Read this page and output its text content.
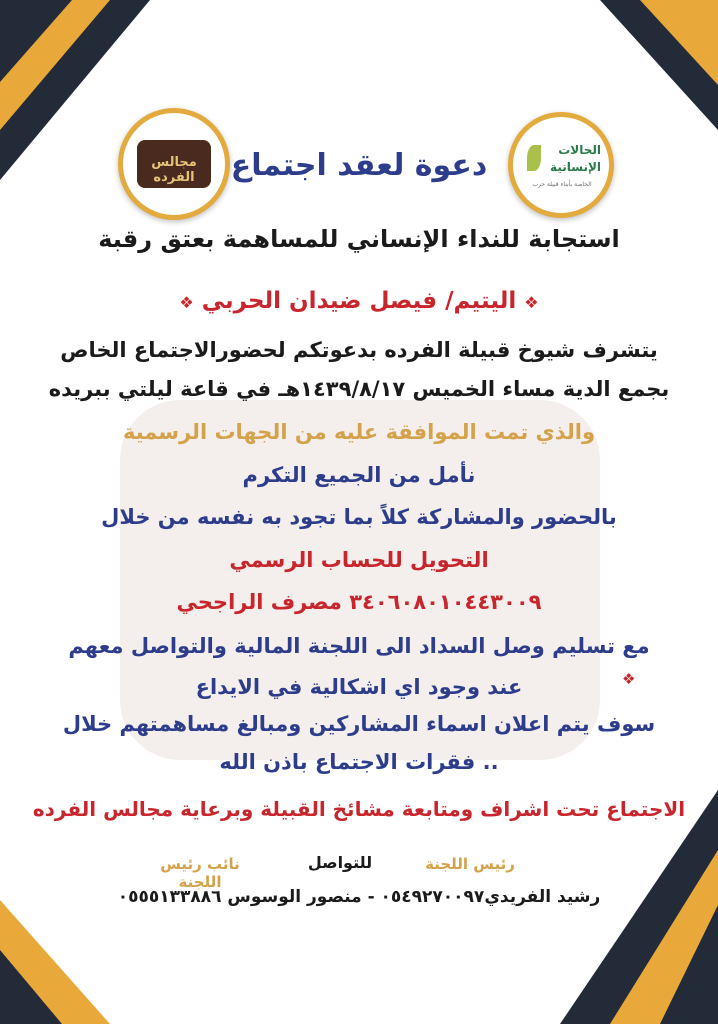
مجالس الفرده
الحالات
الإنسانية
الخاصة بأبناء قبيلة حرب
دعوة لعقد اجتماع
استجابة للنداء الإنساني للمساهمة بعتق رقبة
❖ اليتيم/ فيصل ضيدان الحربي ❖
يتشرف شيوخ قبيلة الفرده بدعوتكم لحضورالاجتماع الخاص
بجمع الدية مساء الخميس ١٤٣٩/٨/١٧هـ في قاعة ليلتي ببريده
والذي تمت الموافقة عليه من الجهات الرسمية
نأمل من الجميع التكرم
بالحضور والمشاركة كلاً بما تجود به نفسه من خلال
التحويل للحساب الرسمي
٣٤٠٦٠٨٠١٠٤٤٣٠٠٩ مصرف الراجحي
مع تسليم وصل السداد الى اللجنة المالية والتواصل معهم
❖
عند وجود اي اشكالية في الايداع
سوف يتم اعلان اسماء المشاركين ومبالغ مساهمتهم خلال
.. فقرات الاجتماع باذن الله
الاجتماع تحت اشراف ومتابعة مشائخ القبيلة وبرعاية مجالس الفرده
رئيس اللجنة
للتواصل
نائب رئيس اللجنة
رشيد الفريدي٠٥٤٩٢٧٠٠٩٧ - منصور الوسوس ٠٥٥٥١٣٣٨٨٦
